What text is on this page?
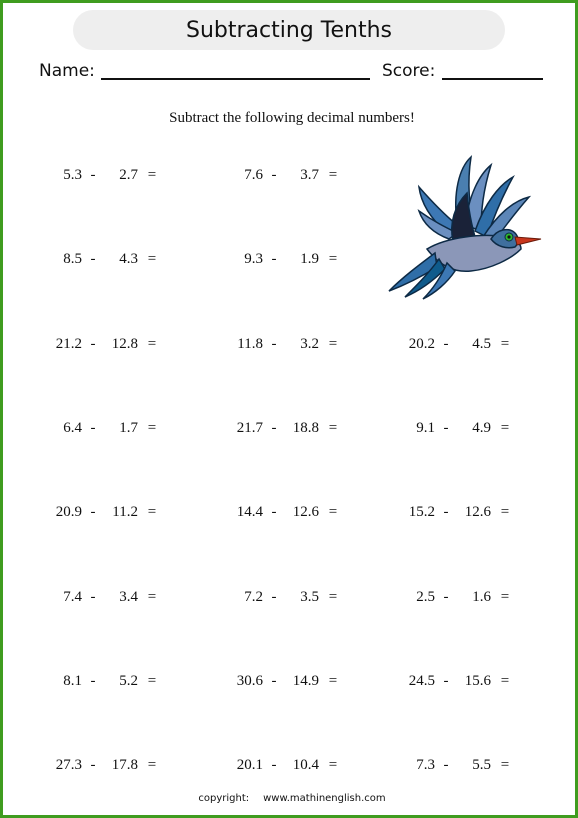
Subtracting Tenths
Name:	Score:
Subtract the following decimal numbers!
5.3 -	2.7 =	7.6 -	3.7 =
8.5 -	4.3 =	9.3 -	1.9 =
21.2 -	12.8 =	11.8 -	3.2 =	20.2 -	4.5 =
6.4 -	1.7 =	21.7 -	18.8 =	9.1 -	4.9 =
20.9 -	11.2 =	14.4 -	12.6 =	15.2 -	12.6 =
7.4 -	3.4 =	7.2 -	3.5 =	2.5 -	1.6 =
8.1 -	5.2 =	30.6 -	14.9 =	24.5 -	15.6 =
27.3 -	17.8 =	20.1 -	10.4 =	7.3 -	5.5 =
copyright: www.mathinenglish.com
